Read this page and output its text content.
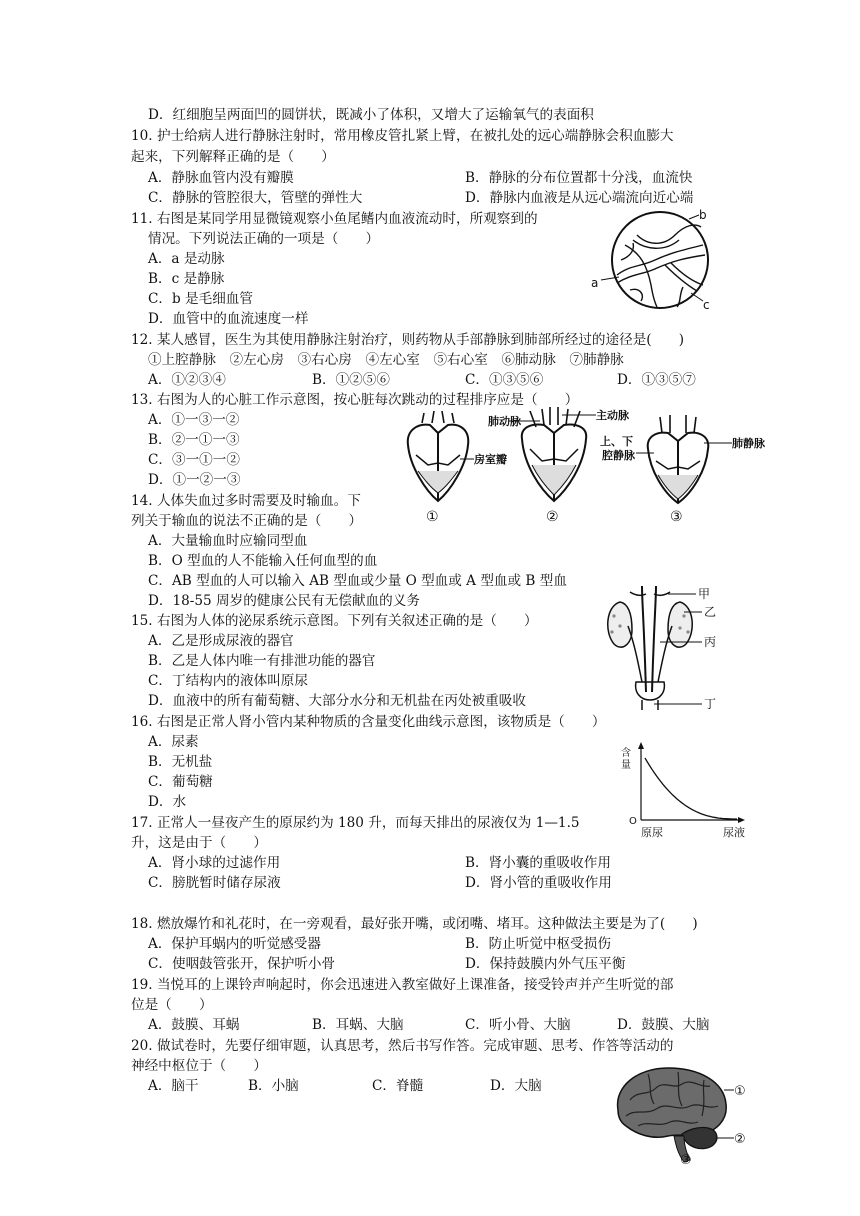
D．红细胞呈两面凹的圆饼状，既减小了体积，又增大了运输氧气的表面积
10. 护士给病人进行静脉注射时，常用橡皮管扎紧上臂，在被扎处的远心端静脉会积血膨大
起来，下列解释正确的是（　　）
A．静脉血管内没有瓣膜	B．静脉的分布位置都十分浅，血流快
C．静脉的管腔很大，管壁的弹性大	D．静脉内血液是从远心端流向近心端
11. 右图是某同学用显微镜观察小鱼尾鳍内血液流动时，所观察到的
情况。下列说法正确的一项是（　　）
A．a 是动脉
B．c 是静脉
C．b 是毛细血管
D．血管中的血流速度一样
12. 某人感冒，医生为其使用静脉注射治疗，则药物从手部静脉到肺部所经过的途径是(　　)
①上腔静脉　②左心房　③右心房　④左心室　⑤右心室　⑥肺动脉　⑦肺静脉
A．①②③④	B．①②⑤⑥	C．①③⑤⑥	D．①③⑤⑦
13. 右图为人的心脏工作示意图，按心脏每次跳动的过程排序应是（　　）
A．①一③一②
B．②一①一③
C．③一①一②
D．①一②一③
14. 人体失血过多时需要及时输血。下
列关于输血的说法不正确的是（　　）
A．大量输血时应输同型血
B．O 型血的人不能输入任何血型的血
C．AB 型血的人可以输入 AB 型血或少量 O 型血或 A 型血或 B 型血
D．18-55 周岁的健康公民有无偿献血的义务
15. 右图为人体的泌尿系统示意图。下列有关叙述正确的是（　　）
A．乙是形成尿液的器官
B．乙是人体内唯一有排泄功能的器官
C．丁结构内的液体叫原尿
D．血液中的所有葡萄糖、大部分水分和无机盐在丙处被重吸收
16. 右图是正常人肾小管内某种物质的含量变化曲线示意图，该物质是（　　）
A．尿素
B．无机盐
C．葡萄糖
D．水
17. 正常人一昼夜产生的原尿约为 180 升，而每天排出的尿液仅为 1—1.5
升，这是由于（　　）
A．肾小球的过滤作用	B．肾小囊的重吸收作用
C．膀胱暂时储存尿液	D．肾小管的重吸收作用
18. 燃放爆竹和礼花时，在一旁观看，最好张开嘴，或闭嘴、堵耳。这种做法主要是为了(　　)
A．保护耳蜗内的听觉感受器	B．防止听觉中枢受损伤
C．使咽鼓管张开，保护听小骨	D．保持鼓膜内外气压平衡
19. 当悦耳的上课铃声响起时，你会迅速进入教室做好上课准备，接受铃声并产生听觉的部
位是（　　）
A．鼓膜、耳蜗	B．耳蜗、大脑	C．听小骨、大脑	D．鼓膜、大脑
20. 做试卷时，先要仔细审题，认真思考，然后书写作答。完成审题、思考、作答等活动的
神经中枢位于（　　）
A．脑干	B．小脑	C．脊髓	D．大脑
b
a
c
房室瓣
①
肺动脉	主动脉
②
上、下
腔静脉
肺静脉
③
甲
乙
丙
丁
含
量
O
原尿	尿液
①
②
③
